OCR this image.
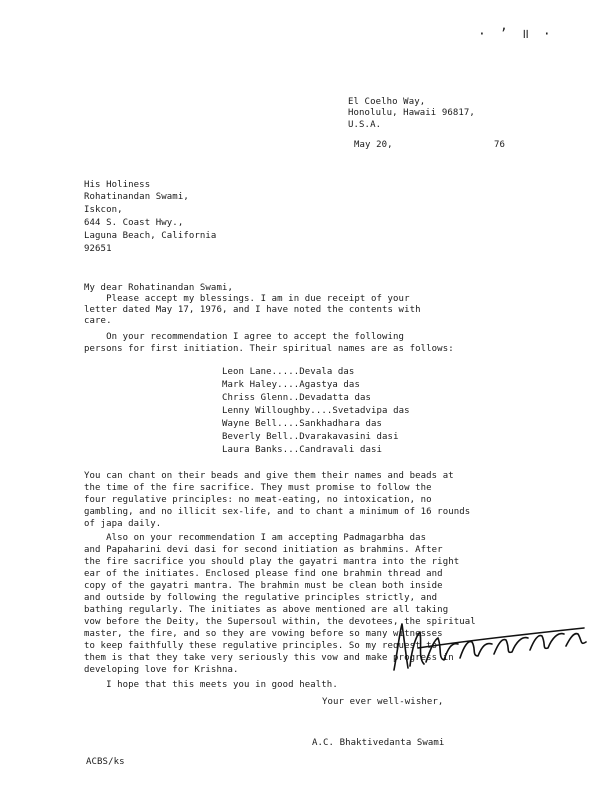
· ʼ ॥ ·
El Coelho Way,
Honolulu, Hawaii 96817,
U.S.A.
May 20,	76
His Holiness
Rohatinandan Swami,
Iskcon,
644 S. Coast Hwy.,
Laguna Beach, California
92651
My dear Rohatinandan Swami,
Please accept my blessings. I am in due receipt of your
letter dated May 17, 1976, and I have noted the contents with
care.
On your recommendation I agree to accept the following
persons for first initiation. Their spiritual names are as follows:
Leon Lane.....Devala das
Mark Haley....Agastya das
Chriss Glenn..Devadatta das
Lenny Willoughby....Svetadvipa das
Wayne Bell....Sankhadhara das
Beverly Bell..Dvarakavasini dasi
Laura Banks...Candravali dasi
You can chant on their beads and give them their names and beads at
the time of the fire sacrifice. They must promise to follow the
four regulative principles: no meat-eating, no intoxication, no
gambling, and no illicit sex-life, and to chant a minimum of 16 rounds
of japa daily.
Also on your recommendation I am accepting Padmagarbha das
and Papaharini devi dasi for second initiation as brahmins. After
the fire sacrifice you should play the gayatri mantra into the right
ear of the initiates. Enclosed please find one brahmin thread and
copy of the gayatri mantra. The brahmin must be clean both inside
and outside by following the regulative principles strictly, and
bathing regularly. The initiates as above mentioned are all taking
vow before the Deity, the Supersoul within, the devotees, the spiritual
master, the fire, and so they are vowing before so many witnesses
to keep faithfully these regulative principles. So my request to
them is that they take very seriously this vow and make progress in
developing love for Krishna.
I hope that this meets you in good health.
Your ever well-wisher,
A.C. Bhaktivedanta Swami
ACBS/ks
